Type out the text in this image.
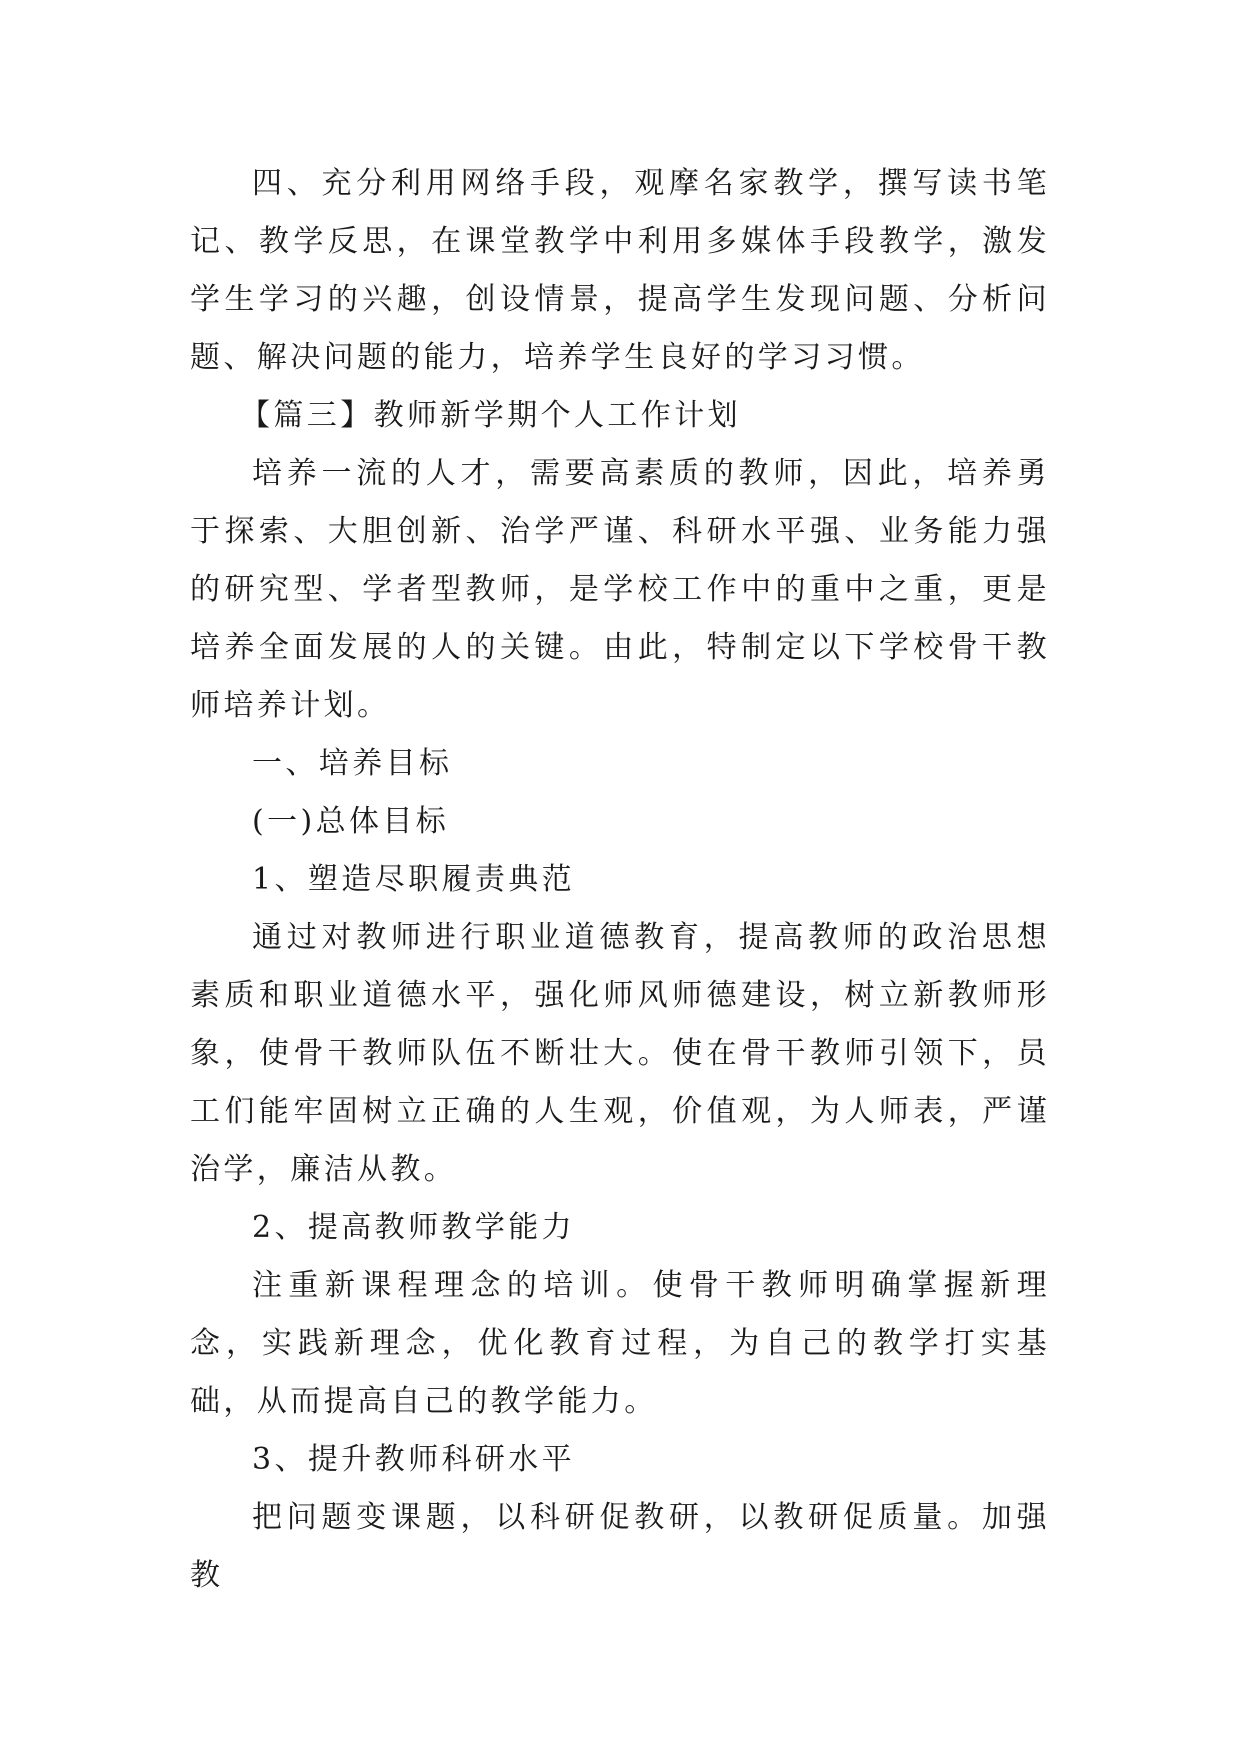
四、充分利用网络手段，观摩名家教学，撰写读书笔记、教学反思，在课堂教学中利用多媒体手段教学，激发学生学习的兴趣，创设情景，提高学生发现问题、分析问题、解决问题的能力，培养学生良好的学习习惯。

【篇三】教师新学期个人工作计划

培养一流的人才，需要高素质的教师，因此，培养勇于探索、大胆创新、治学严谨、科研水平强、业务能力强的研究型、学者型教师，是学校工作中的重中之重，更是培养全面发展的人的关键。由此，特制定以下学校骨干教师培养计划。

一、培养目标

(一)总体目标

1、塑造尽职履责典范

通过对教师进行职业道德教育，提高教师的政治思想素质和职业道德水平，强化师风师德建设，树立新教师形象，使骨干教师队伍不断壮大。使在骨干教师引领下，员工们能牢固树立正确的人生观，价值观，为人师表，严谨治学，廉洁从教。

2、提高教师教学能力

注重新课程理念的培训。使骨干教师明确掌握新理念，实践新理念，优化教育过程，为自己的教学打实基础，从而提高自己的教学能力。

3、提升教师科研水平

把问题变课题，以科研促教研，以教研促质量。加强教
